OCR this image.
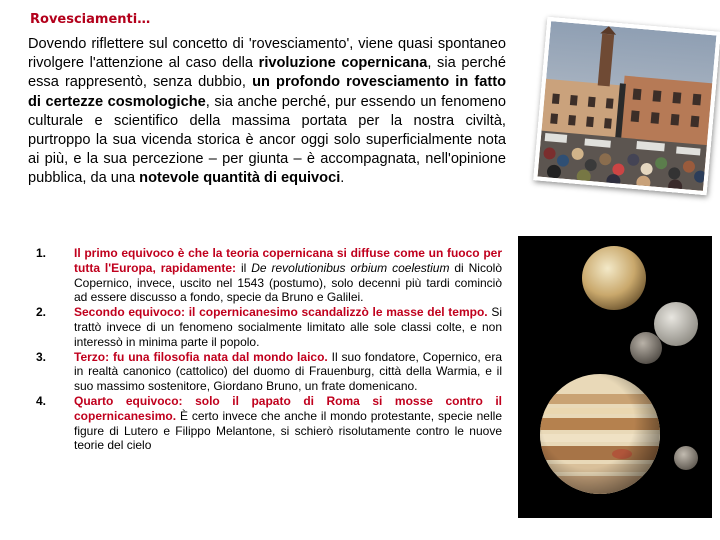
Rovesciamenti…

Dovendo riflettere sul concetto di 'rovesciamento', viene quasi spontaneo rivolgere l'attenzione al caso della rivoluzione copernicana, sia perché essa rappresentò, senza dubbio, un profondo rovesciamento in fatto di certezze cosmologiche, sia anche perché, pur essendo un fenomeno culturale e scientifico della massima portata per la nostra civiltà, purtroppo la sua vicenda storica è ancor oggi solo superficialmente nota ai più, e la sua percezione – per giunta – è accompagnata, nell'opinione pubblica, da una notevole quantità di equivoci.

1. Il primo equivoco è che la teoria copernicana si diffuse come un fuoco per tutta l'Europa, rapidamente: il De revolutionibus orbium coelestium di Nicolò Copernico, invece, uscito nel 1543 (postumo), solo decenni più tardi cominciò ad essere discusso a fondo, specie da Bruno e Galilei.
2. Secondo equivoco: il copernicanesimo scandalizzò le masse del tempo. Si trattò invece di un fenomeno socialmente limitato alle sole classi colte, e non interessò in minima parte il popolo.
3. Terzo: fu una filosofia nata dal mondo laico. Il suo fondatore, Copernico, era in realtà canonico (cattolico) del duomo di Frauenburg, città della Warmia, e il suo massimo sostenitore, Giordano Bruno, un frate domenicano.
4. Quarto equivoco: solo il papato di Roma si mosse contro il copernicanesimo. È certo invece che anche il mondo protestante, specie nelle figure di Lutero e Filippo Melantone, si schierò risolutamente contro le nuove teorie del cielo
